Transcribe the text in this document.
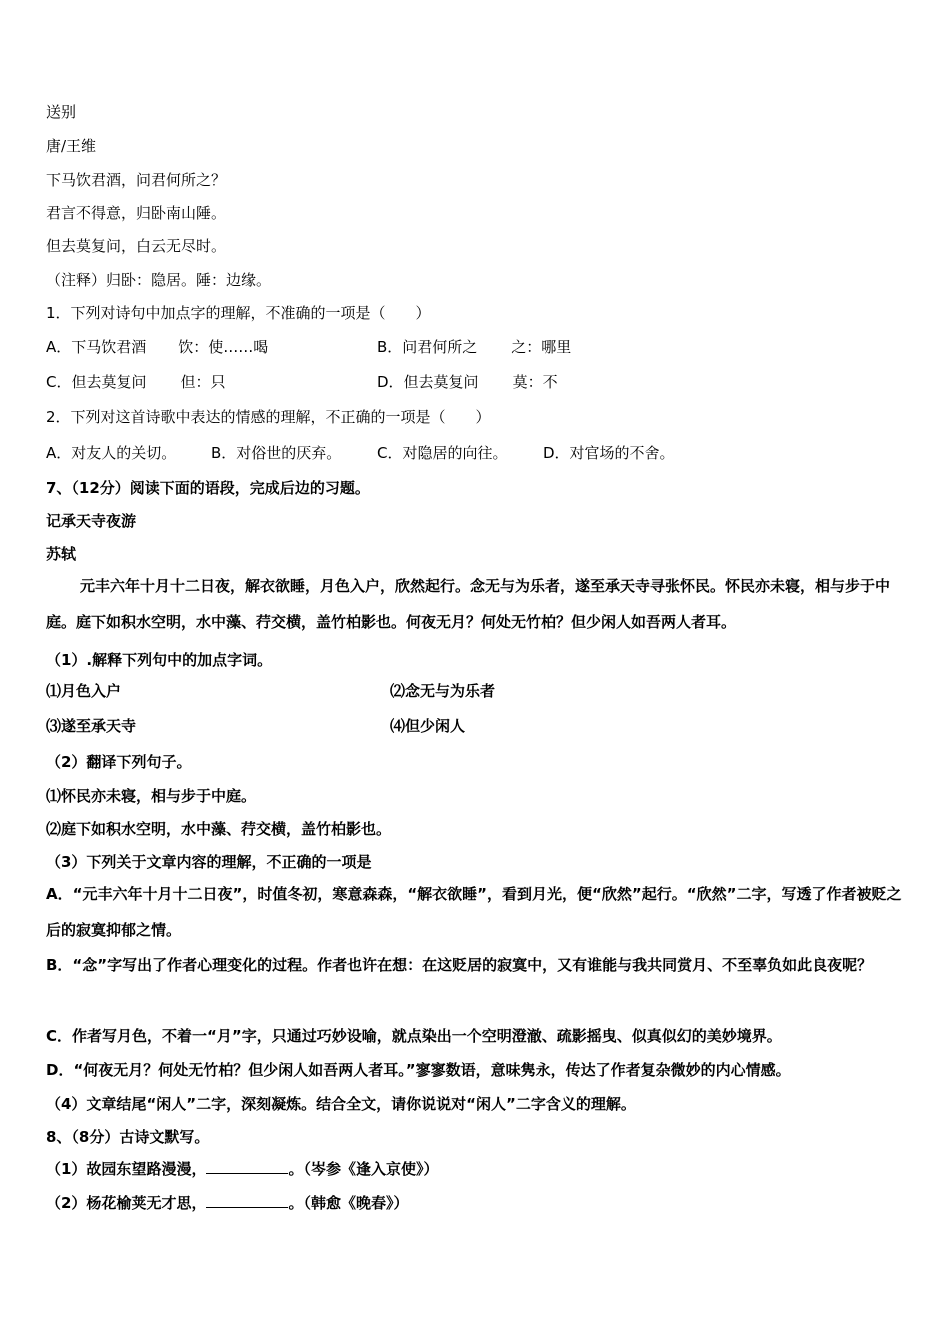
送别
唐/王维
下马饮君酒，问君何所之？
君言不得意，归卧南山陲。
但去莫复问，白云无尽时。
（注释）归卧：隐居。陲：边缘。
1．下列对诗句中加点字的理解，不准确的一项是（　　）
A．下马饮君酒 饮：使……喝	B．问君何所之 之：哪里
C．但去莫复问 但：只	D．但去莫复问 莫：不
2．下列对这首诗歌中表达的情感的理解，不正确的一项是（　　）
A．对友人的关切。 B．对俗世的厌弃。 C．对隐居的向往。 D．对官场的不舍。
7、（12分）阅读下面的语段，完成后边的习题。
记承天寺夜游
苏轼
元丰六年十月十二日夜，解衣欲睡，月色入户，欣然起行。念无与为乐者，遂至承天寺寻张怀民。怀民亦未寝，相与步于中庭。庭下如积水空明，水中藻、荇交横，盖竹柏影也。何夜无月？何处无竹柏？但少闲人如吾两人者耳。
（1）.解释下列句中的加点字词。
⑴月色入户	⑵念无与为乐者
⑶遂至承天寺	⑷但少闲人
（2）翻译下列句子。
⑴怀民亦未寝，相与步于中庭。
⑵庭下如积水空明，水中藻、荇交横，盖竹柏影也。
（3）下列关于文章内容的理解，不正确的一项是
A．“元丰六年十月十二日夜”，时值冬初，寒意森森，“解衣欲睡”，看到月光，便“欣然”起行。“欣然”二字，写透了作者被贬之后的寂寞抑郁之情。
B．“念”字写出了作者心理变化的过程。作者也许在想：在这贬居的寂寞中，又有谁能与我共同赏月、不至辜负如此良夜呢？
C．作者写月色，不着一“月”字，只通过巧妙设喻，就点染出一个空明澄澈、疏影摇曳、似真似幻的美妙境界。
D．“何夜无月？何处无竹柏？但少闲人如吾两人者耳。”寥寥数语，意味隽永，传达了作者复杂微妙的内心情感。
（4）文章结尾“闲人”二字，深刻凝炼。结合全文，请你说说对“闲人”二字含义的理解。
8、（8分）古诗文默写。
（1）故园东望路漫漫，	。（岑参《逢入京使》）
（2）杨花榆荚无才思，	。（韩愈《晚春》）
